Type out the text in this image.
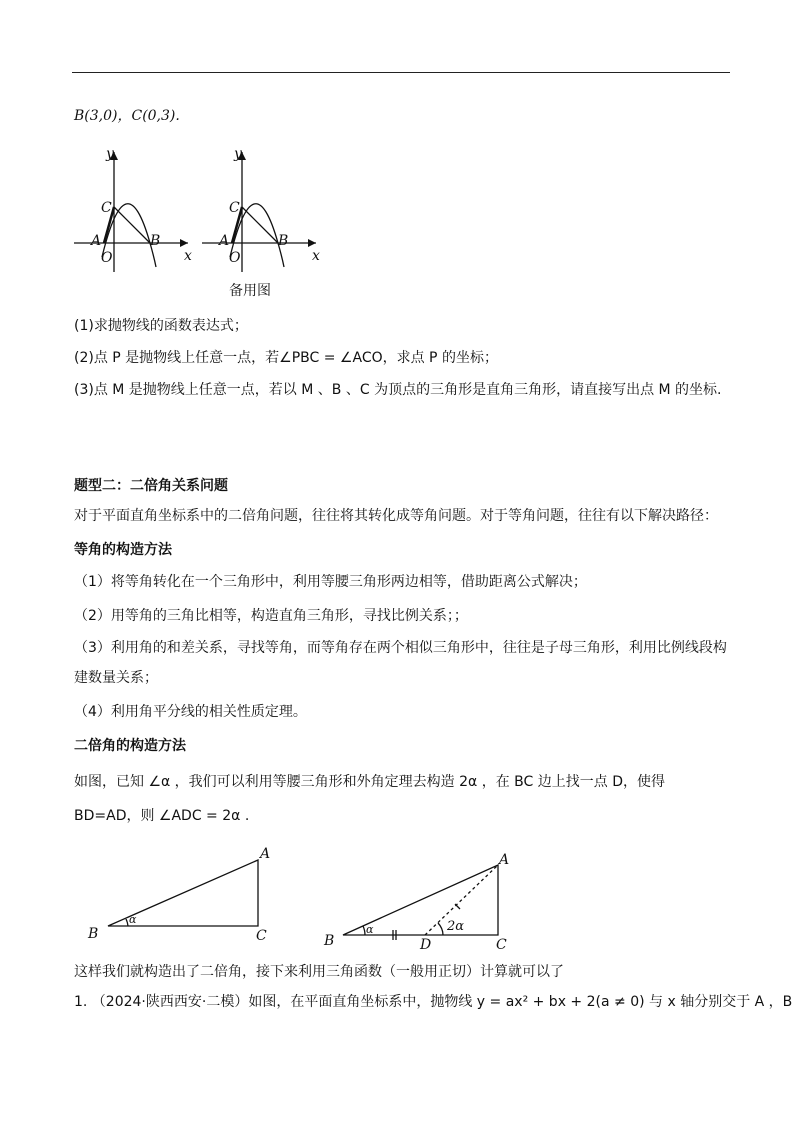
B(3,0)，C(0,3).
y
x
C
A
O
B
y
x
C
A
O
B
备用图
(1)求抛物线的函数表达式；
(2)点 P 是抛物线上任意一点，若∠PBC = ∠ACO，求点 P 的坐标；
(3)点 M 是抛物线上任意一点，若以 M 、B 、C 为顶点的三角形是直角三角形，请直接写出点 M 的坐标.
题型二：二倍角关系问题
对于平面直角坐标系中的二倍角问题，往往将其转化成等角问题。对于等角问题，往往有以下解决路径：
等角的构造方法
（1）将等角转化在一个三角形中，利用等腰三角形两边相等，借助距离公式解决；
（2）用等角的三角比相等，构造直角三角形，寻找比例关系；；
（3）利用角的和差关系，寻找等角，而等角存在两个相似三角形中，往往是子母三角形，利用比例线段构
建数量关系；
（4）利用角平分线的相关性质定理。
二倍角的构造方法
如图，已知 ∠α ，我们可以利用等腰三角形和外角定理去构造 2α ，在 BC 边上找一点 D，使得
BD=AD，则 ∠ADC = 2α .
A
B	C
α
A
B	C
D
α	2α
这样我们就构造出了二倍角，接下来利用三角函数（一般用正切）计算就可以了
1. （2024·陕西西安·二模）如图，在平面直角坐标系中，抛物线 y = ax² + bx + 2(a ≠ 0) 与 x 轴分别交于 A ，B
